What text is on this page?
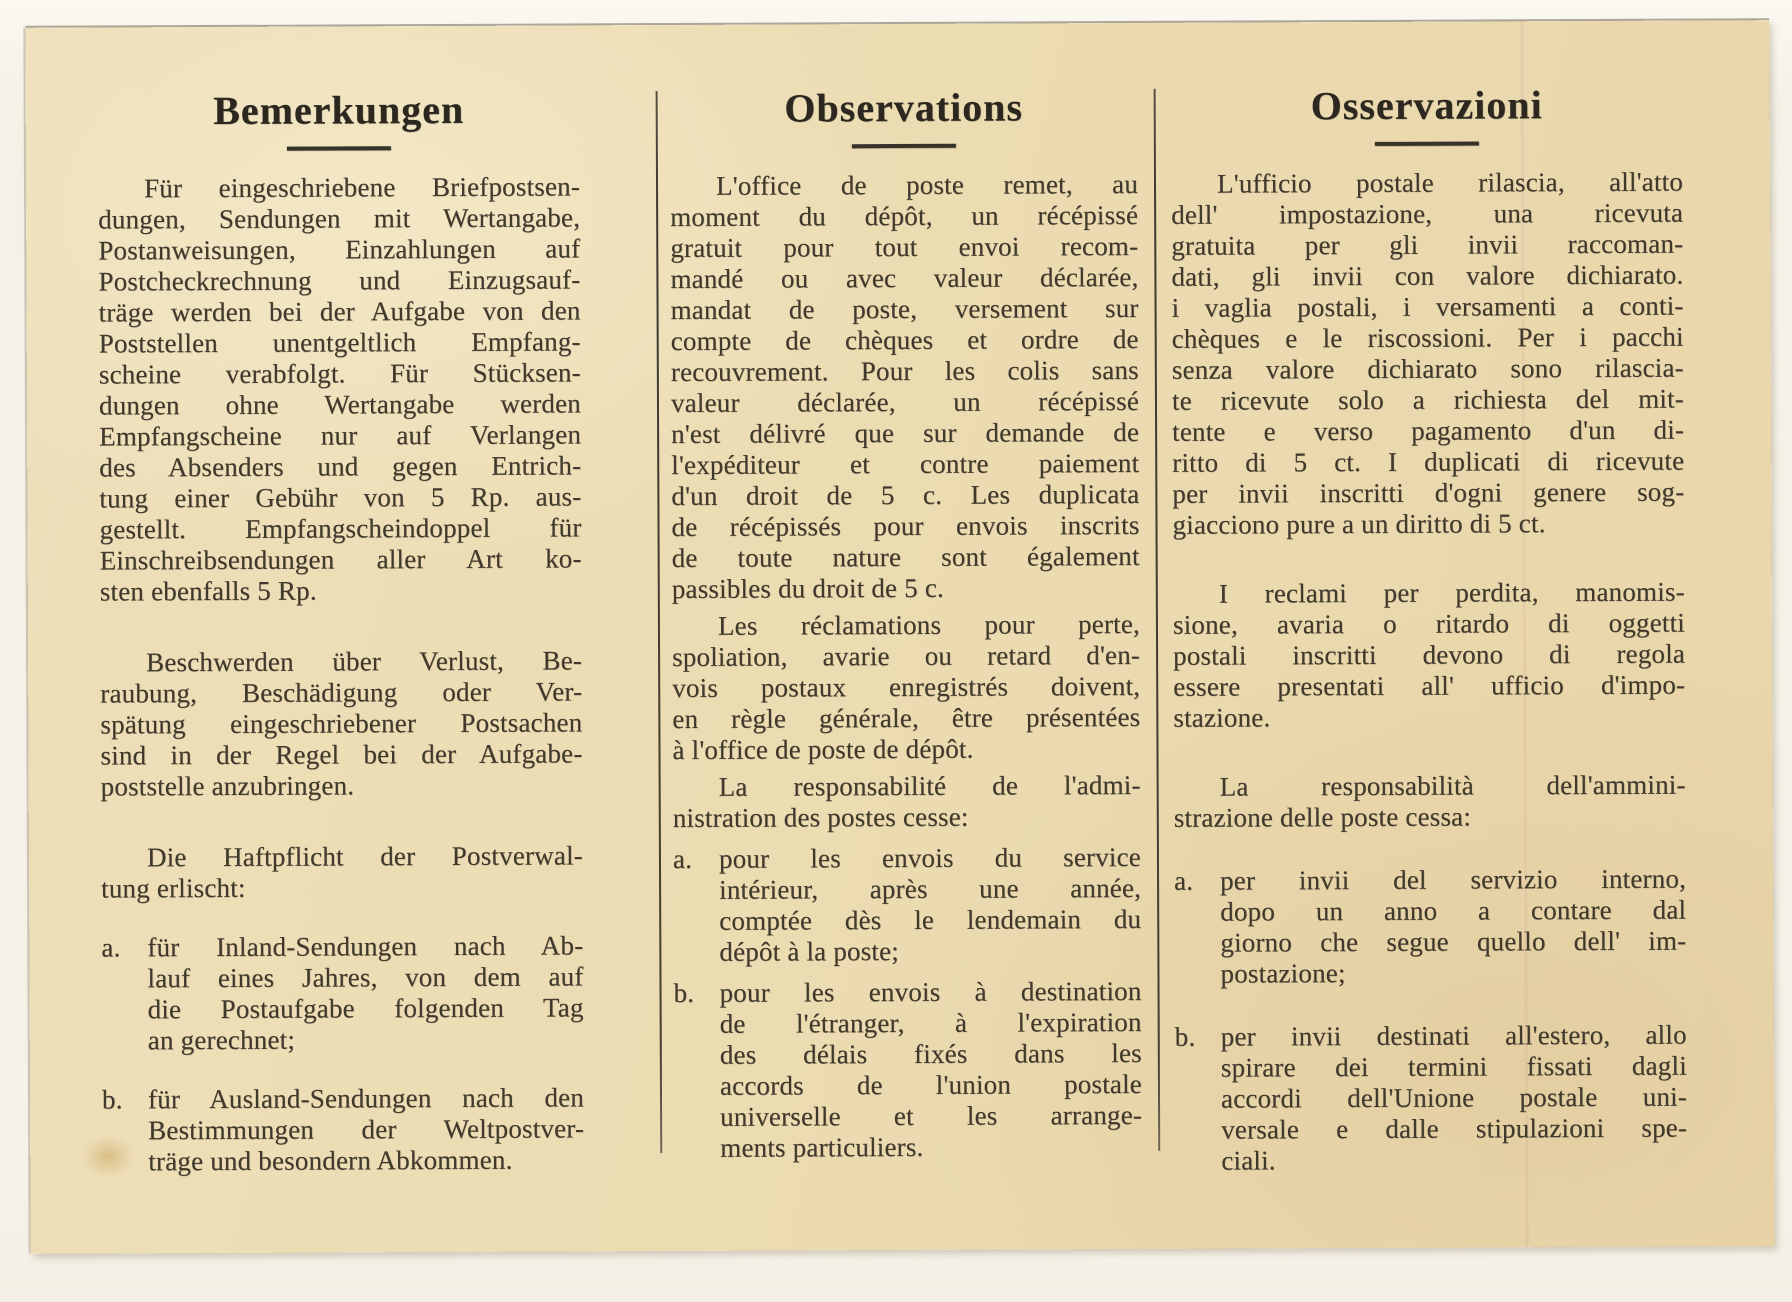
Bemerkungen
Für eingeschriebene Briefpostsen-
dungen, Sendungen mit Wertangabe,
Postanweisungen, Einzahlungen auf
Postcheckrechnung und Einzugsauf-
träge werden bei der Aufgabe von den
Poststellen unentgeltlich Empfang-
scheine verabfolgt. Für Stücksen-
dungen ohne Wertangabe werden
Empfangscheine nur auf Verlangen
des Absenders und gegen Entrich-
tung einer Gebühr von 5 Rp. aus-
gestellt. Empfangscheindoppel für
Einschreibsendungen aller Art ko-
sten ebenfalls 5 Rp.
Beschwerden über Verlust, Be-
raubung, Beschädigung oder Ver-
spätung eingeschriebener Postsachen
sind in der Regel bei der Aufgabe-
poststelle anzubringen.
Die Haftpflicht der Postverwal-
tung erlischt:
a. für Inland-Sendungen nach Ab-
lauf eines Jahres, von dem auf
die Postaufgabe folgenden Tag
an gerechnet;
b. für Ausland-Sendungen nach den
Bestimmungen der Weltpostver-
träge und besondern Abkommen.
Observations
L'office de poste remet, au
moment du dépôt, un récépissé
gratuit pour tout envoi recom-
mandé ou avec valeur déclarée,
mandat de poste, versement sur
compte de chèques et ordre de
recouvrement. Pour les colis sans
valeur déclarée, un récépissé
n'est délivré que sur demande de
l'expéditeur et contre paiement
d'un droit de 5 c. Les duplicata
de récépissés pour envois inscrits
de toute nature sont également
passibles du droit de 5 c.
Les réclamations pour perte,
spoliation, avarie ou retard d'en-
vois postaux enregistrés doivent,
en règle générale, être présentées
à l'office de poste de dépôt.
La responsabilité de l'admi-
nistration des postes cesse:
a. pour les envois du service
intérieur, après une année,
comptée dès le lendemain du
dépôt à la poste;
b. pour les envois à destination
de l'étranger, à l'expiration
des délais fixés dans les
accords de l'union postale
universelle et les arrange-
ments particuliers.
Osservazioni
L'ufficio postale rilascia, all'atto
dell' impostazione, una ricevuta
gratuita per gli invii raccoman-
dati, gli invii con valore dichiarato.
i vaglia postali, i versamenti a conti-
chèques e le riscossioni. Per i pacchi
senza valore dichiarato sono rilascia-
te ricevute solo a richiesta del mit-
tente e verso pagamento d'un di-
ritto di 5 ct. I duplicati di ricevute
per invii inscritti d'ogni genere sog-
giacciono pure a un diritto di 5 ct.
I reclami per perdita, manomis-
sione, avaria o ritardo di oggetti
postali inscritti devono di regola
essere presentati all' ufficio d'impo-
stazione.
La responsabilità dell'ammini-
strazione delle poste cessa:
a. per invii del servizio interno,
dopo un anno a contare dal
giorno che segue quello dell' im-
postazione;
b. per invii destinati all'estero, allo
spirare dei termini fissati dagli
accordi dell'Unione postale uni-
versale e dalle stipulazioni spe-
ciali.
